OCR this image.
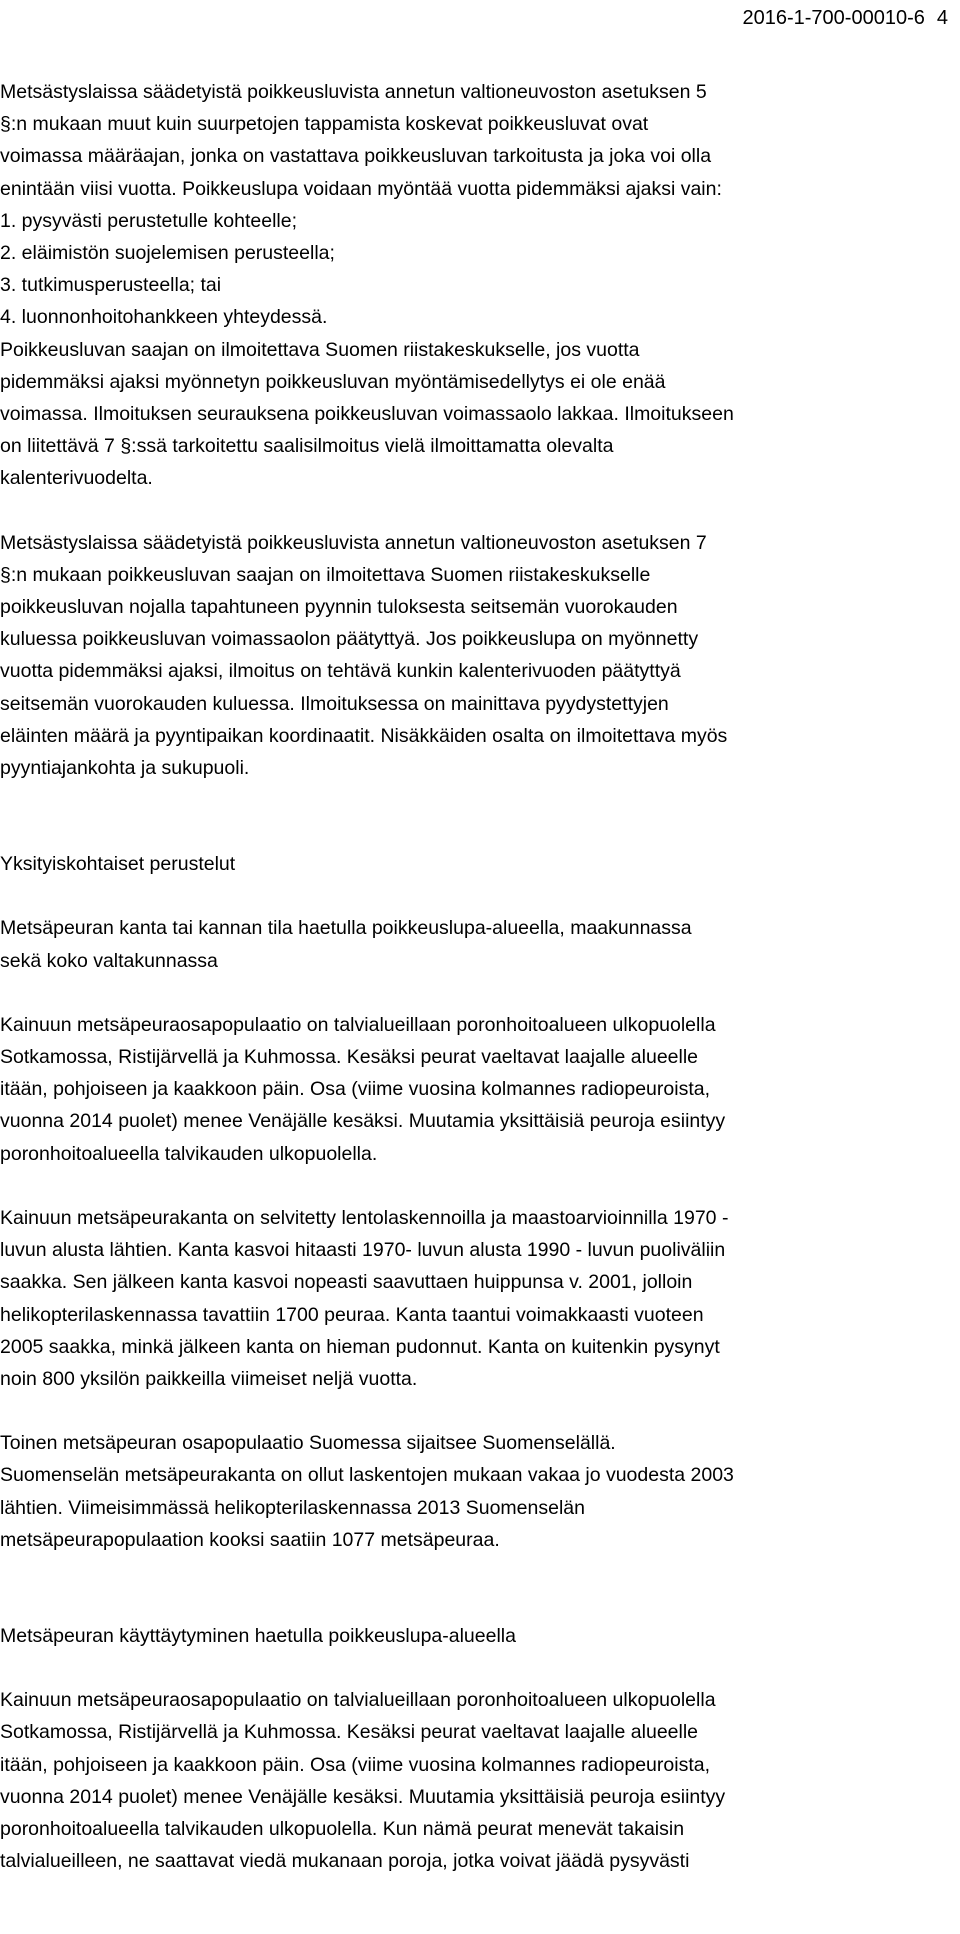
2016-1-700-00010-6 4

Metsästyslaissa säädetyistä poikkeusluvista annetun valtioneuvoston asetuksen 5
§:n mukaan muut kuin suurpetojen tappamista koskevat poikkeusluvat ovat
voimassa määräajan, jonka on vastattava poikkeusluvan tarkoitusta ja joka voi olla
enintään viisi vuotta. Poikkeuslupa voidaan myöntää vuotta pidemmäksi ajaksi vain:
1. pysyvästi perustetulle kohteelle;
2. eläimistön suojelemisen perusteella;
3. tutkimusperusteella; tai
4. luonnonhoitohankkeen yhteydessä.
Poikkeusluvan saajan on ilmoitettava Suomen riistakeskukselle, jos vuotta
pidemmäksi ajaksi myönnetyn poikkeusluvan myöntämisedellytys ei ole enää
voimassa. Ilmoituksen seurauksena poikkeusluvan voimassaolo lakkaa. Ilmoitukseen
on liitettävä 7 §:ssä tarkoitettu saalisilmoitus vielä ilmoittamatta olevalta
kalenterivuodelta.

Metsästyslaissa säädetyistä poikkeusluvista annetun valtioneuvoston asetuksen 7
§:n mukaan poikkeusluvan saajan on ilmoitettava Suomen riistakeskukselle
poikkeusluvan nojalla tapahtuneen pyynnin tuloksesta seitsemän vuorokauden
kuluessa poikkeusluvan voimassaolon päätyttyä. Jos poikkeuslupa on myönnetty
vuotta pidemmäksi ajaksi, ilmoitus on tehtävä kunkin kalenterivuoden päätyttyä
seitsemän vuorokauden kuluessa. Ilmoituksessa on mainittava pyydystettyjen
eläinten määrä ja pyyntipaikan koordinaatit. Nisäkkäiden osalta on ilmoitettava myös
pyyntiajankohta ja sukupuoli.

Yksityiskohtaiset perustelut

Metsäpeuran kanta tai kannan tila haetulla poikkeuslupa-alueella, maakunnassa
sekä koko valtakunnassa

Kainuun metsäpeuraosapopulaatio on talvialueillaan poronhoitoalueen ulkopuolella
Sotkamossa, Ristijärvellä ja Kuhmossa. Kesäksi peurat vaeltavat laajalle alueelle
itään, pohjoiseen ja kaakkoon päin. Osa (viime vuosina kolmannes radiopeuroista,
vuonna 2014 puolet) menee Venäjälle kesäksi. Muutamia yksittäisiä peuroja esiintyy
poronhoitoalueella talvikauden ulkopuolella.

Kainuun metsäpeurakanta on selvitetty lentolaskennoilla ja maastoarvioinnilla 1970 -
luvun alusta lähtien. Kanta kasvoi hitaasti 1970- luvun alusta 1990 - luvun puoliväliin
saakka. Sen jälkeen kanta kasvoi nopeasti saavuttaen huippunsa v. 2001, jolloin
helikopterilaskennassa tavattiin 1700 peuraa. Kanta taantui voimakkaasti vuoteen
2005 saakka, minkä jälkeen kanta on hieman pudonnut. Kanta on kuitenkin pysynyt
noin 800 yksilön paikkeilla viimeiset neljä vuotta.

Toinen metsäpeuran osapopulaatio Suomessa sijaitsee Suomenselällä.
Suomenselän metsäpeurakanta on ollut laskentojen mukaan vakaa jo vuodesta 2003
lähtien. Viimeisimmässä helikopterilaskennassa 2013 Suomenselän
metsäpeurapopulaation kooksi saatiin 1077 metsäpeuraa.

Metsäpeuran käyttäytyminen haetulla poikkeuslupa-alueella

Kainuun metsäpeuraosapopulaatio on talvialueillaan poronhoitoalueen ulkopuolella
Sotkamossa, Ristijärvellä ja Kuhmossa. Kesäksi peurat vaeltavat laajalle alueelle
itään, pohjoiseen ja kaakkoon päin. Osa (viime vuosina kolmannes radiopeuroista,
vuonna 2014 puolet) menee Venäjälle kesäksi. Muutamia yksittäisiä peuroja esiintyy
poronhoitoalueella talvikauden ulkopuolella. Kun nämä peurat menevät takaisin
talvialueilleen, ne saattavat viedä mukanaan poroja, jotka voivat jäädä pysyvästi
